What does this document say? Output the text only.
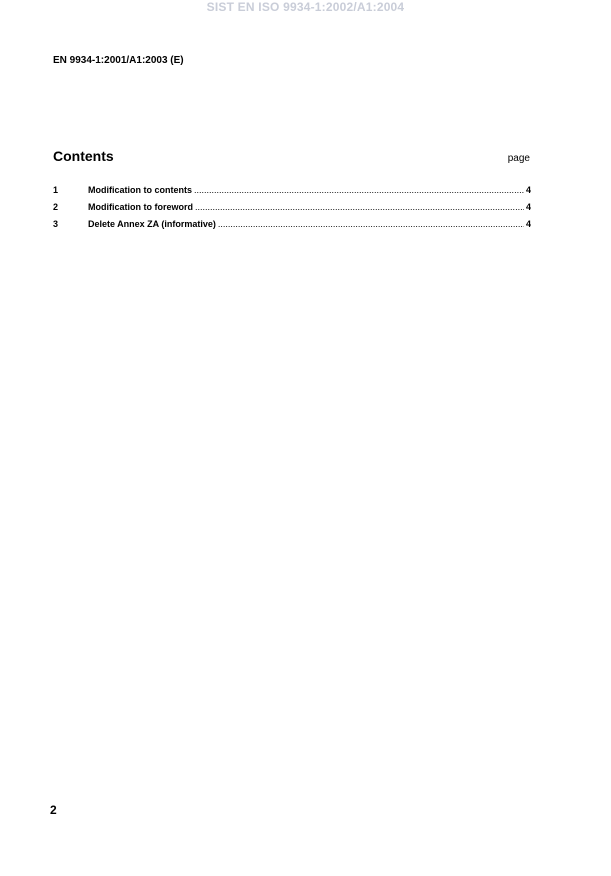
SIST EN ISO 9934-1:2002/A1:2004
EN 9934-1:2001/A1:2003 (E)
Contents	page
1	Modification to contents .....	4
2	Modification to foreword .....	4
3	Delete Annex ZA (informative) .....	4
2
